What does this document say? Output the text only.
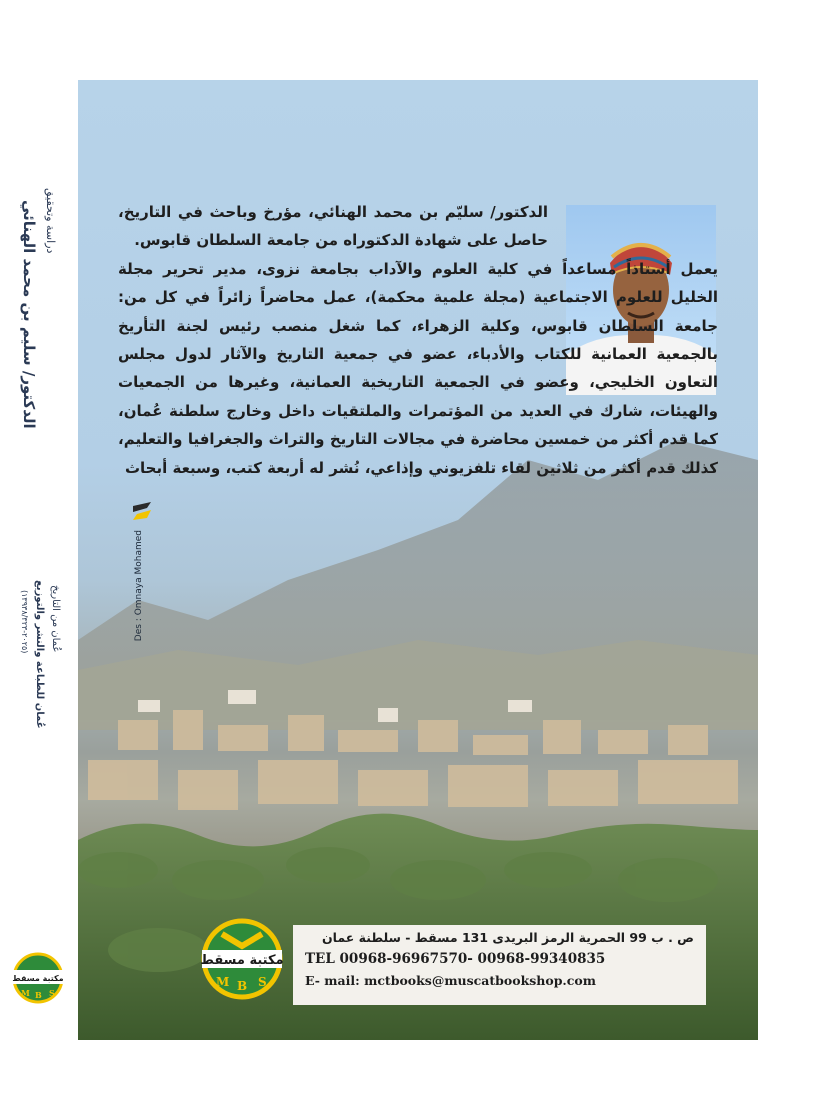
دراسة وتحقيق
الدكتور/ سليم بن محمد الهنائي
عُمان من التاريخ
عُمان للطباعة والنشر والتوزيع
(٢٠٢٥-١٣٩٣٨/٣٢٣)
مكتبة مسقط
M B S

الدكتور/ سليّم بن محمد الهنائي، مؤرخ وباحث في التاريخ، حاصل على شهادة الدكتوراه من جامعة السلطان قابوس.

يعمل أستاذاً مساعداً في كلية العلوم والآداب بجامعة نزوى، مدير تحرير مجلة الخليل للعلوم الاجتماعية (مجلة علمية محكمة)، عمل محاضراً زائراً في كل من: جامعة السلطان قابوس، وكلية الزهراء، كما شغل منصب رئيس لجنة التأريخ بالجمعية العمانية للكتاب والأدباء، عضو في جمعية التاريخ والآثار لدول مجلس التعاون الخليجي، وعضو في الجمعية التاريخية العمانية، وغيرها من الجمعيات والهيئات، شارك في العديد من المؤتمرات والملتقيات داخل وخارج سلطنة عُمان، كما قدم أكثر من خمسين محاضرة في مجالات التاريخ والتراث والجغرافيا والتعليم، كذلك قدم أكثر من ثلاثين لقاء تلفزيوني وإذاعي، نُشر له أربعة كتب، وسبعة أبحاث

Des : Omnaya Mohamed
مكتبة مسقط
M B S

ص . ب 99 الحمرية الرمز البريدى 131 مسقط - سلطنة عمان

TEL 00968-96967570- 00968-99340835

E- mail: mctbooks@muscatbookshop.com
